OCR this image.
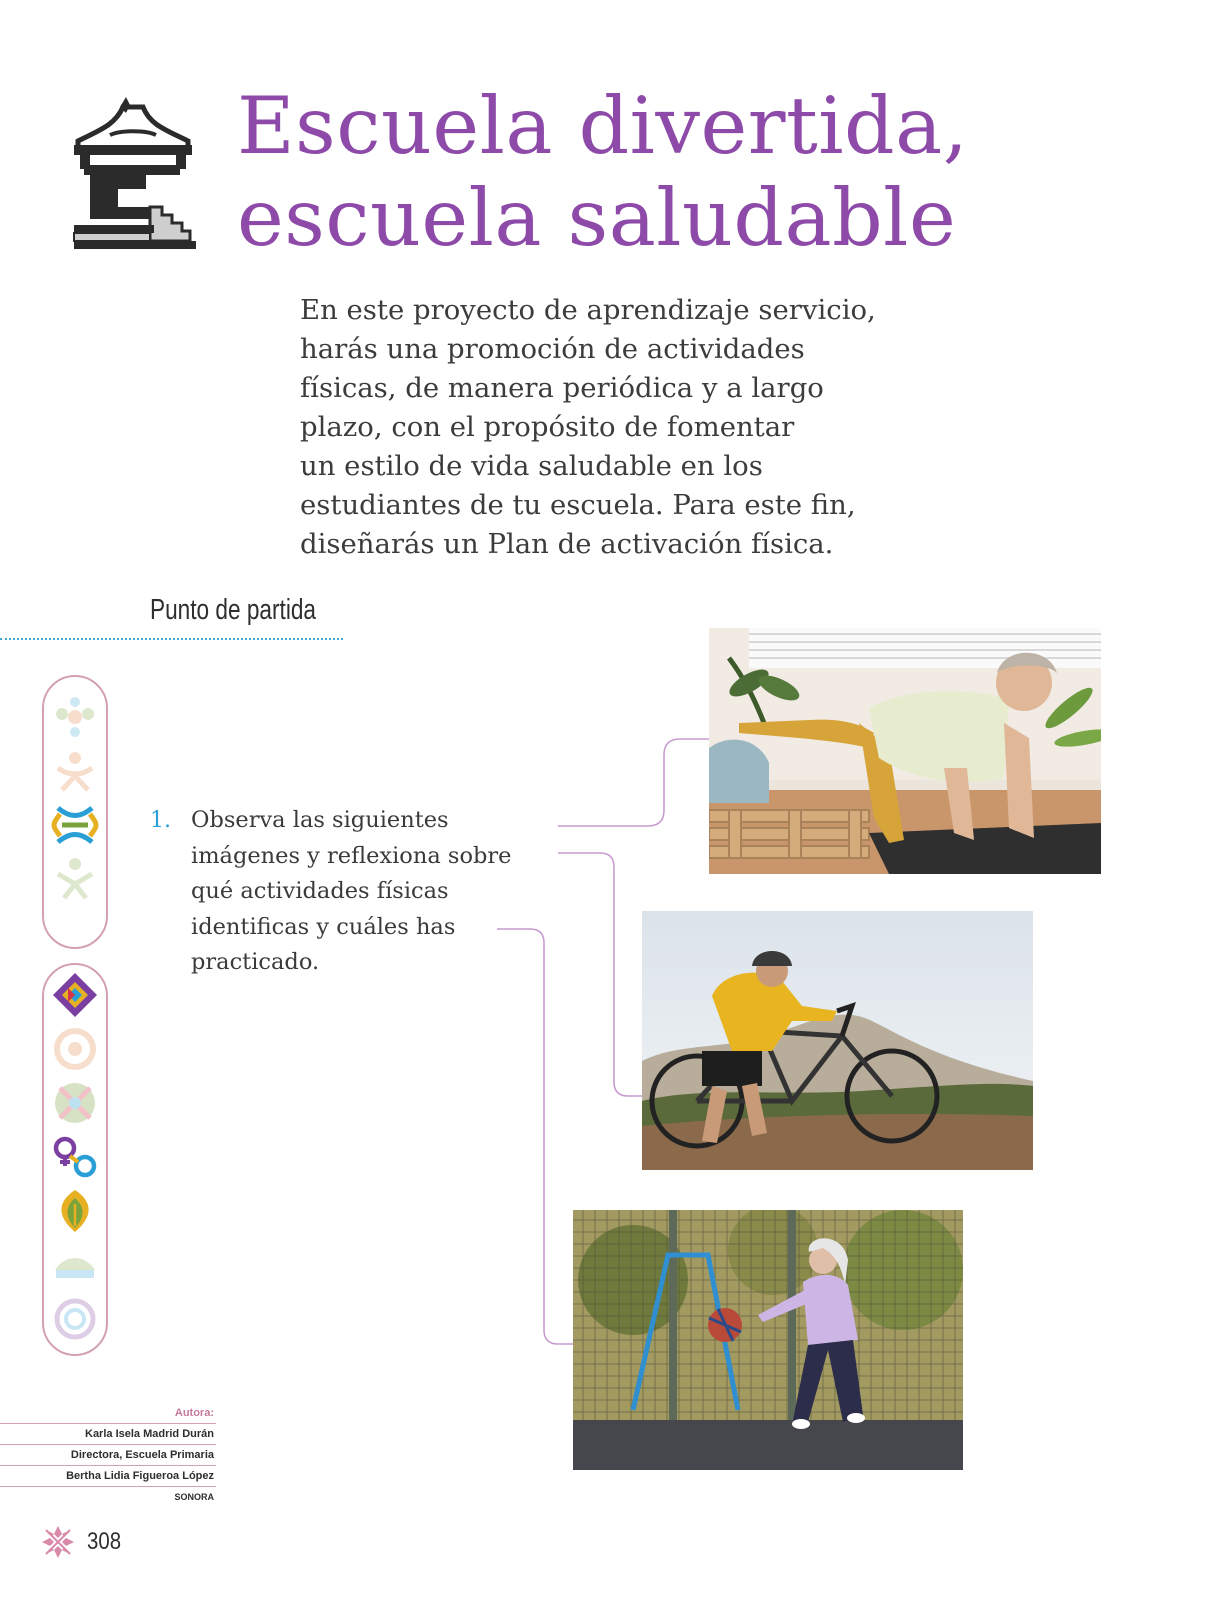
Escuela divertida,
escuela saludable

En este proyecto de aprendizaje servicio,
harás una promoción de actividades
físicas, de manera periódica y a largo
plazo, con el propósito de fomentar
un estilo de vida saludable en los
estudiantes de tu escuela. Para este fin,
diseñarás un Plan de activación física.

Punto de partida
1. Observa las siguientes
imágenes y reflexiona sobre
qué actividades físicas
identificas y cuáles has
practicado.
Autora:
Karla Isela Madrid Durán
Directora, Escuela Primaria
Bertha Lidia Figueroa López
SONORA
308
